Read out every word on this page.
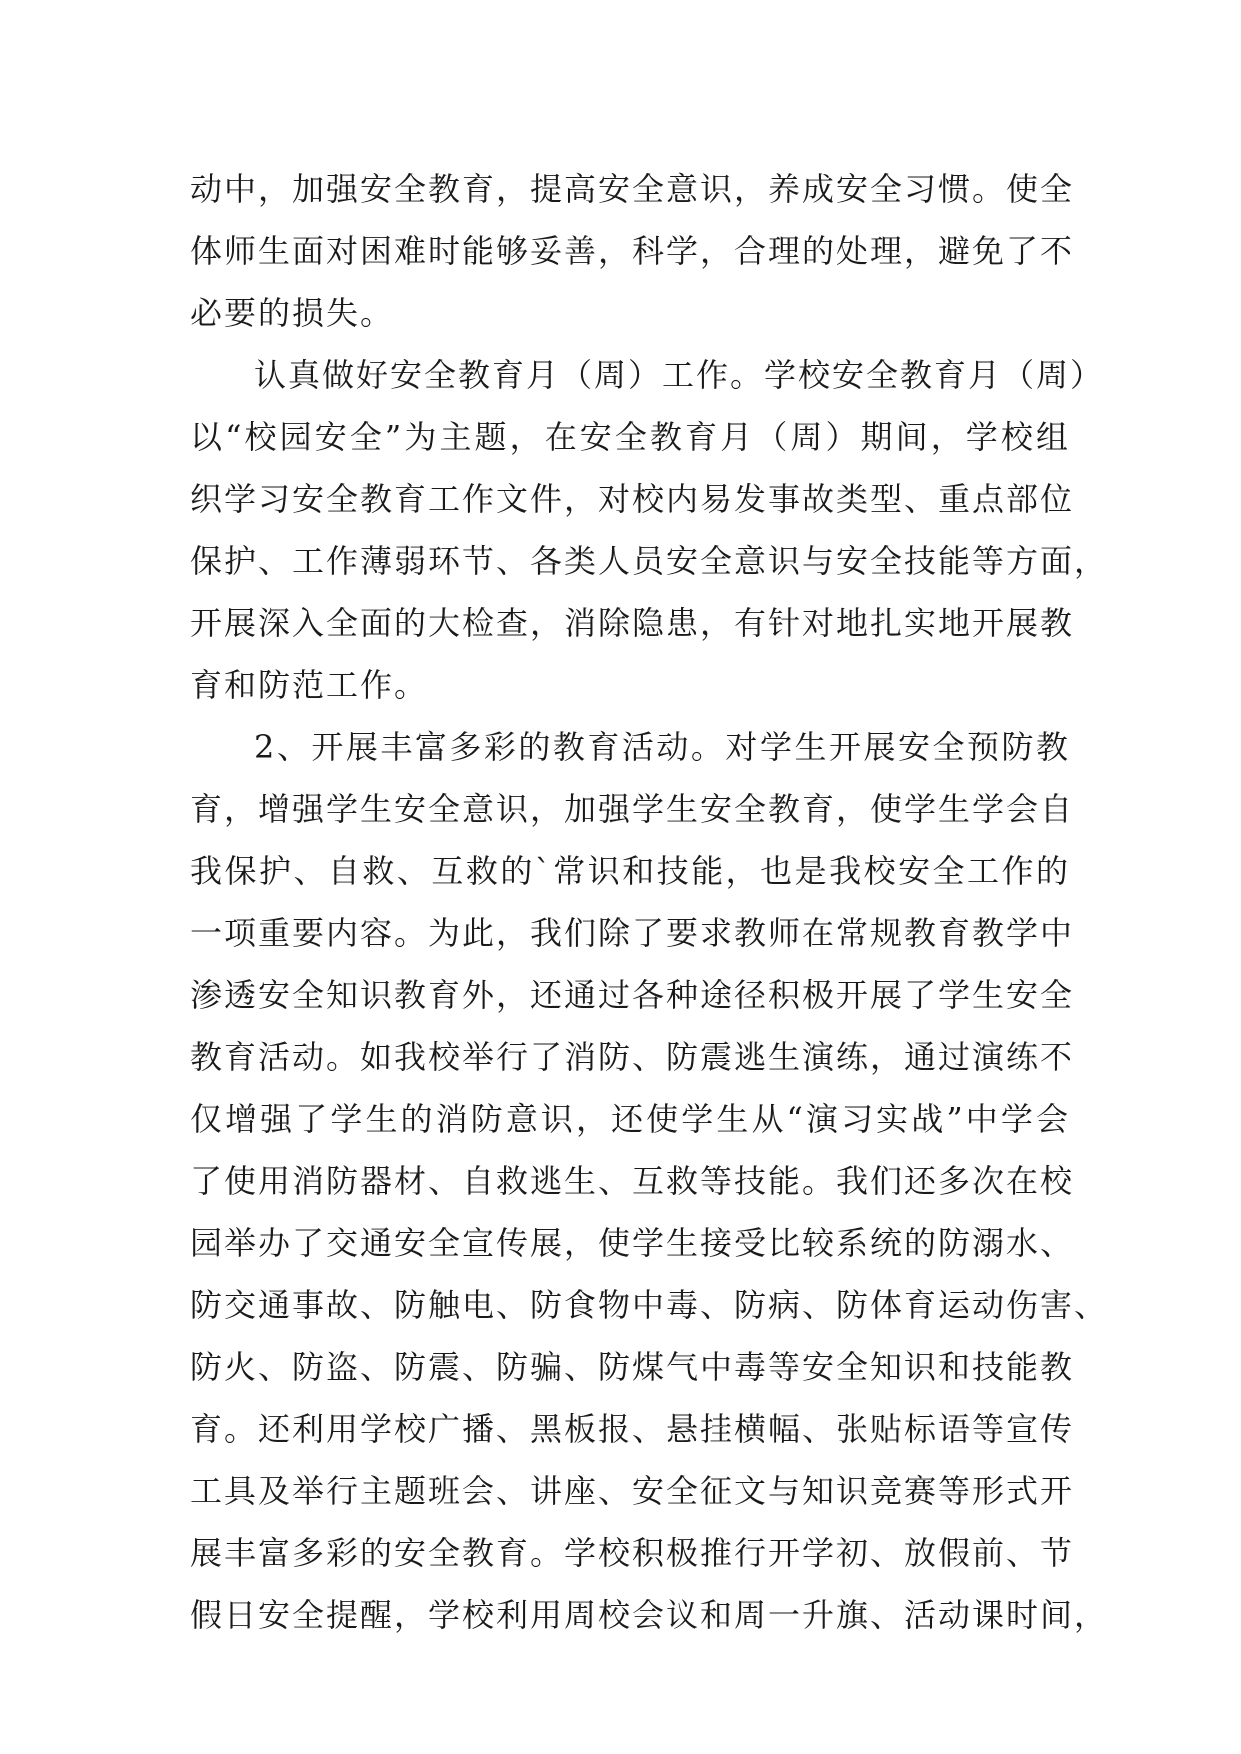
动中，加强安全教育，提高安全意识，养成安全习惯。使全
体师生面对困难时能够妥善，科学，合理的处理，避免了不
必要的损失。
认真做好安全教育月（周）工作。学校安全教育月（周）
以“校园安全”为主题，在安全教育月（周）期间，学校组
织学习安全教育工作文件，对校内易发事故类型、重点部位
保护、工作薄弱环节、各类人员安全意识与安全技能等方面，
开展深入全面的大检查，消除隐患，有针对地扎实地开展教
育和防范工作。
2、开展丰富多彩的教育活动。对学生开展安全预防教
育，增强学生安全意识，加强学生安全教育，使学生学会自
我保护、自救、互救的`常识和技能，也是我校安全工作的
一项重要内容。为此，我们除了要求教师在常规教育教学中
渗透安全知识教育外，还通过各种途径积极开展了学生安全
教育活动。如我校举行了消防、防震逃生演练，通过演练不
仅增强了学生的消防意识，还使学生从“演习实战”中学会
了使用消防器材、自救逃生、互救等技能。我们还多次在校
园举办了交通安全宣传展，使学生接受比较系统的防溺水、
防交通事故、防触电、防食物中毒、防病、防体育运动伤害、
防火、防盗、防震、防骗、防煤气中毒等安全知识和技能教
育。还利用学校广播、黑板报、悬挂横幅、张贴标语等宣传
工具及举行主题班会、讲座、安全征文与知识竞赛等形式开
展丰富多彩的安全教育。学校积极推行开学初、放假前、节
假日安全提醒，学校利用周校会议和周一升旗、活动课时间，
